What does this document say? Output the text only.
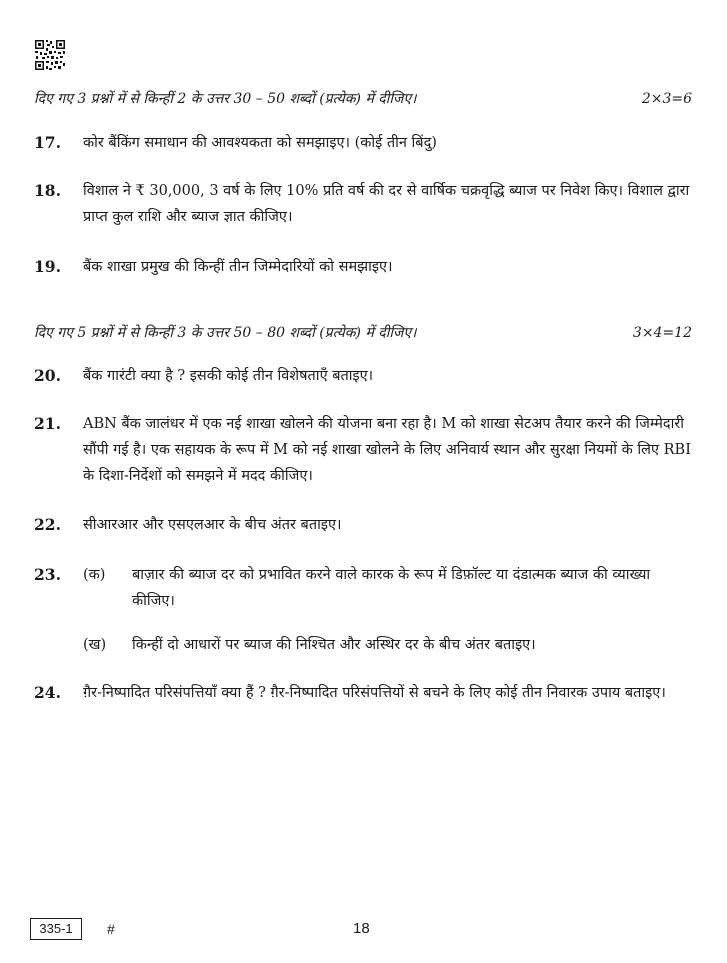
दिए गए 3 प्रश्नों में से किन्हीं 2 के उत्तर 30 – 50 शब्दों (प्रत्येक) में दीजिए।	2×3=6
17.	कोर बैंकिंग समाधान की आवश्यकता को समझाइए। (कोई तीन बिंदु)
18.	विशाल ने ₹ 30,000, 3 वर्ष के लिए 10% प्रति वर्ष की दर से वार्षिक चक्रवृद्धि ब्याज पर निवेश किए। विशाल द्वारा प्राप्त कुल राशि और ब्याज ज्ञात कीजिए।
19.	बैंक शाखा प्रमुख की किन्हीं तीन जिम्मेदारियों को समझाइए।
दिए गए 5 प्रश्नों में से किन्हीं 3 के उत्तर 50 – 80 शब्दों (प्रत्येक) में दीजिए।	3×4=12
20.	बैंक गारंटी क्या है ? इसकी कोई तीन विशेषताएँ बताइए।
21.	ABN बैंक जालंधर में एक नई शाखा खोलने की योजना बना रहा है। M को शाखा सेटअप तैयार करने की जिम्मेदारी सौंपी गई है। एक सहायक के रूप में M को नई शाखा खोलने के लिए अनिवार्य स्थान और सुरक्षा नियमों के लिए RBI के दिशा-निर्देशों को समझने में मदद कीजिए।
22.	सीआरआर और एसएलआर के बीच अंतर बताइए।
23.	(क)	बाज़ार की ब्याज दर को प्रभावित करने वाले कारक के रूप में डिफ़ॉल्ट या दंडात्मक ब्याज की व्याख्या कीजिए।
(ख)	किन्हीं दो आधारों पर ब्याज की निश्चित और अस्थिर दर के बीच अंतर बताइए।
24.	ग़ैर-निष्पादित परिसंपत्तियाँ क्या हैं ? ग़ैर-निष्पादित परिसंपत्तियों से बचने के लिए कोई तीन निवारक उपाय बताइए।
335-1	#	18
